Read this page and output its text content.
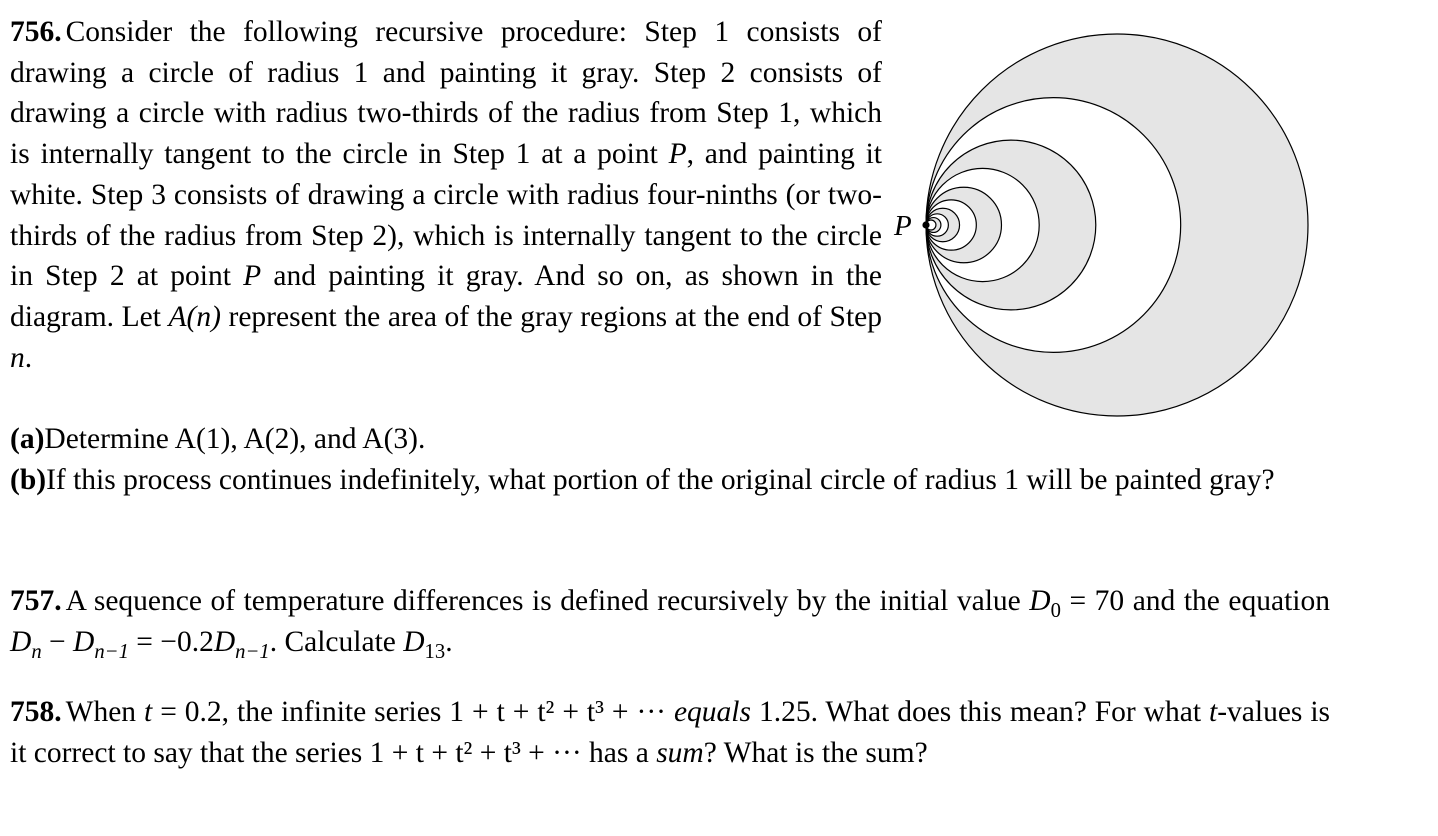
756. Consider the following recursive procedure: Step 1 consists of drawing a circle of radius 1 and painting it gray. Step 2 consists of drawing a circle with radius two-thirds of the radius from Step 1, which is internally tangent to the circle in Step 1 at a point P, and painting it white. Step 3 consists of drawing a circle with radius four-ninths (or two-thirds of the radius from Step 2), which is internally tangent to the circle in Step 2 at point P and painting it gray. And so on, as shown in the diagram. Let A(n) represent the area of the gray regions at the end of Step n.
(a)Determine A(1), A(2), and A(3).
(b)If this process continues indefinitely, what portion of the original circle of radius 1 will be painted gray?
P
757. A sequence of temperature differences is defined recursively by the initial value $D_0 = 70$ and the equation $D_n - D_{n-1} = -0.2D_{n-1}$. Calculate $D_{13}$.
758. When t = 0.2, the infinite series 1 + t + t² + t³ + ··· equals 1.25. What does this mean? For what t-values is it correct to say that the series 1 + t + t² + t³ + ··· has a sum? What is the sum?
